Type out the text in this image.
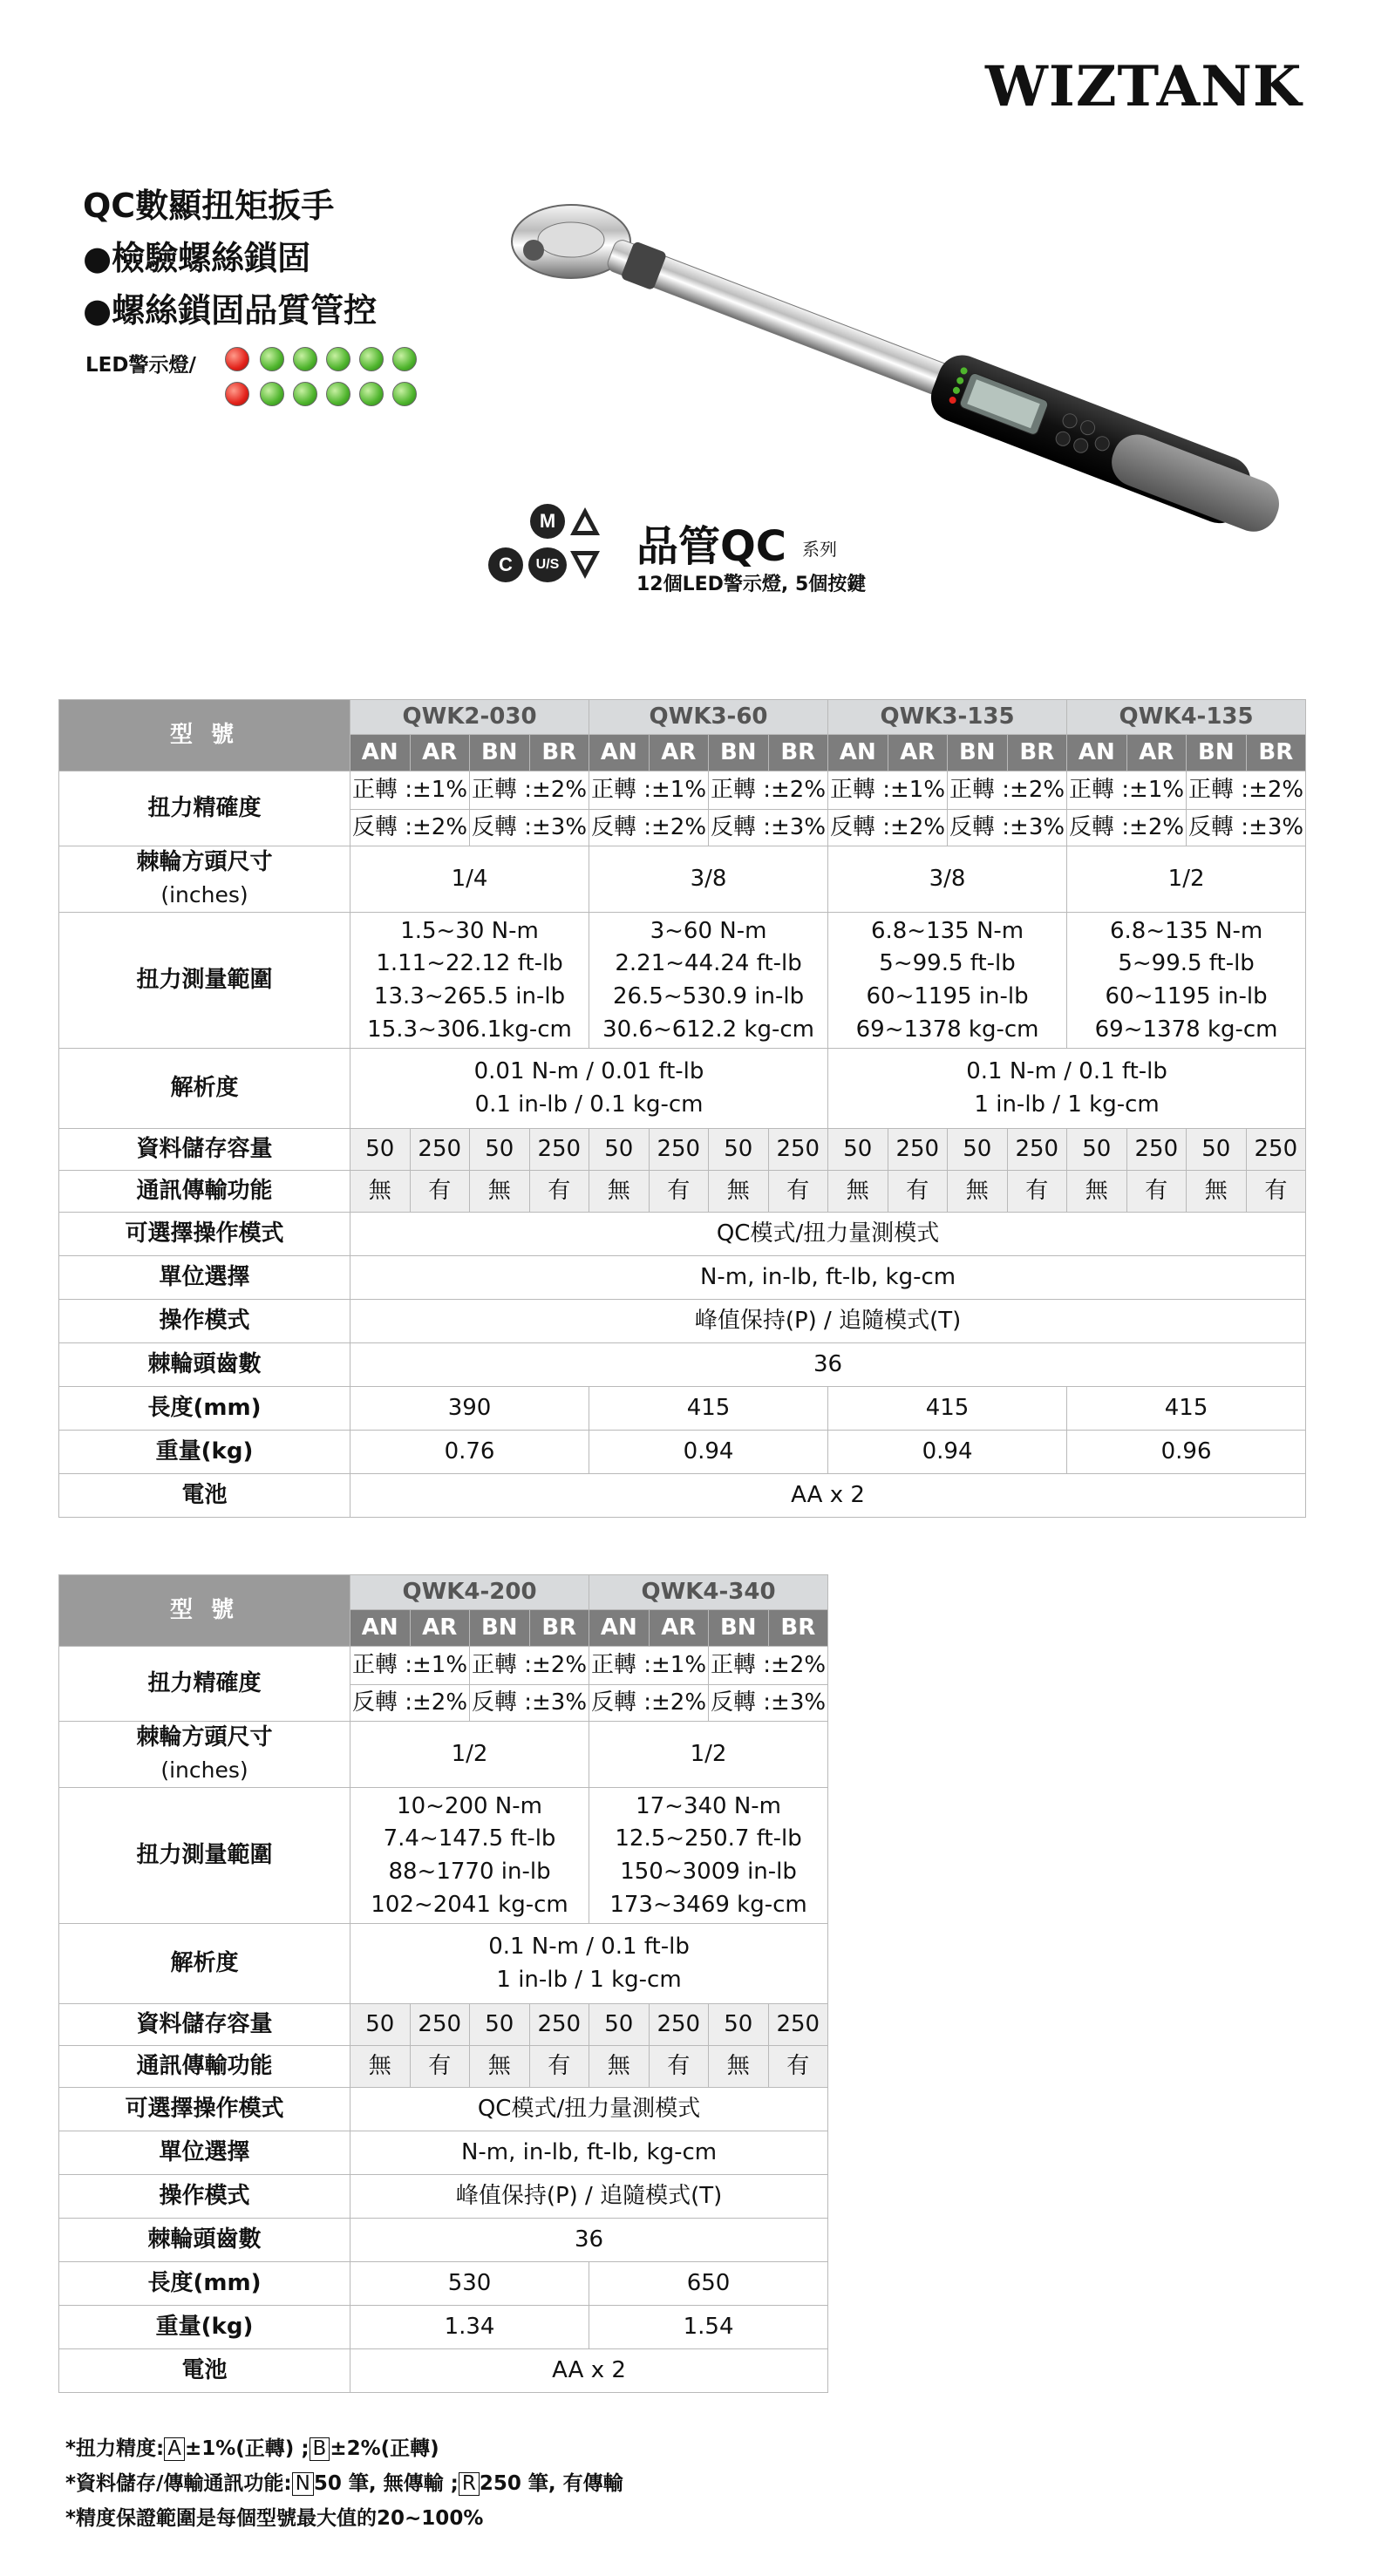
WIZTANK
QC數顯扭矩扳手
●檢驗螺絲鎖固
●螺絲鎖固品質管控
LED警示燈/
M
C	U/S 品管QC 系列
12個LED警示燈, 5個按鍵
型 號	QWK2-030				QWK3-60				QWK3-135				QWK4-135			
	AN	AR	BN	BR	AN	AR	BN	BR	AN	AR	BN	BR	AN	AR	BN	BR
扭力精確度	正轉 :±1%		正轉 :±2%		正轉 :±1%		正轉 :±2%		正轉 :±1%		正轉 :±2%		正轉 :±1%		正轉 :±2%	
	反轉 :±2%		反轉 :±3%		反轉 :±2%		反轉 :±3%		反轉 :±2%		反轉 :±3%		反轉 :±2%		反轉 :±3%	
棘輪方頭尺寸
(inches)	1/4				3/8				3/8				1/2			
扭力測量範圍	1.5~30 N-m
1.11~22.12 ft-lb
13.3~265.5 in-lb
15.3~306.1kg-cm				3~60 N-m
2.21~44.24 ft-lb
26.5~530.9 in-lb
30.6~612.2 kg-cm				6.8~135 N-m
5~99.5 ft-lb
60~1195 in-lb
69~1378 kg-cm				6.8~135 N-m
5~99.5 ft-lb
60~1195 in-lb
69~1378 kg-cm			
解析度	0.01 N-m / 0.01 ft-lb
0.1 in-lb / 0.1 kg-cm								0.1 N-m / 0.1 ft-lb
1 in-lb / 1 kg-cm							
資料儲存容量	50	250	50	250	50	250	50	250	50	250	50	250	50	250	50	250
通訊傳輸功能	無	有	無	有	無	有	無	有	無	有	無	有	無	有	無	有
可選擇操作模式	QC模式/扭力量測模式															
單位選擇	N-m, in-lb, ft-lb, kg-cm															
操作模式	峰值保持(P) / 追隨模式(T)															
棘輪頭齒數	36															
長度(mm)	390				415				415				415			
重量(kg)	0.76				0.94				0.94				0.96			
電池	AA x 2															
型 號	QWK4-200				QWK4-340			
	AN	AR	BN	BR	AN	AR	BN	BR
扭力精確度	正轉 :±1%		正轉 :±2%		正轉 :±1%		正轉 :±2%	
	反轉 :±2%		反轉 :±3%		反轉 :±2%		反轉 :±3%	
棘輪方頭尺寸
(inches)	1/2				1/2			
扭力測量範圍	10~200 N-m
7.4~147.5 ft-lb
88~1770 in-lb
102~2041 kg-cm				17~340 N-m
12.5~250.7 ft-lb
150~3009 in-lb
173~3469 kg-cm			
解析度	0.1 N-m / 0.1 ft-lb
1 in-lb / 1 kg-cm							
資料儲存容量	50	250	50	250	50	250	50	250
通訊傳輸功能	無	有	無	有	無	有	無	有
可選擇操作模式	QC模式/扭力量測模式							
單位選擇	N-m, in-lb, ft-lb, kg-cm							
操作模式	峰值保持(P) / 追隨模式(T)							
棘輪頭齒數	36							
長度(mm)	530				650			
重量(kg)	1.34				1.54			
電池	AA x 2							
*扭力精度: A ±1%(正轉) ; B ±2%(正轉)
*資料儲存/傳輸通訊功能: N 50 筆, 無傳輸 ; R 250 筆, 有傳輸
*精度保證範圍是每個型號最大值的20~100%
